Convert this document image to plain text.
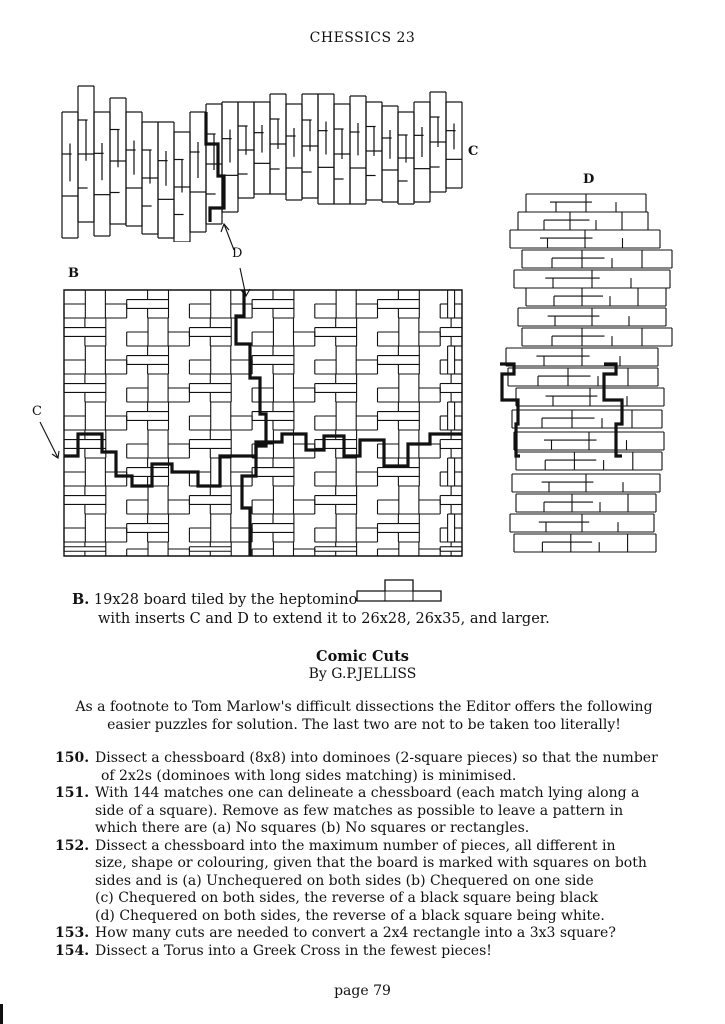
CHESSICS 23
C
D
B
C
D
B. 19x28 board tiled by the heptomino
with inserts C and D to extend it to 26x28, 26x35, and larger.
Comic Cuts
By G.P.JELLISS
As a footnote to Tom Marlow's difficult dissections the Editor offers the following easier puzzles for solution. The last two are not to be taken too literally!
150. Dissect a chessboard (8x8) into dominoes (2-square pieces) so that the number
of 2x2s (dominoes with long sides matching) is minimised.
151. With 144 matches one can delineate a chessboard (each match lying along a
side of a square). Remove as few matches as possible to leave a pattern in
which there are (a) No squares (b) No squares or rectangles.
152. Dissect a chessboard into the maximum number of pieces, all different in
size, shape or colouring, given that the board is marked with squares on both
sides and is (a) Unchequered on both sides (b) Chequered on one side
(c) Chequered on both sides, the reverse of a black square being black
(d) Chequered on both sides, the reverse of a black square being white.
153. How many cuts are needed to convert a 2x4 rectangle into a 3x3 square?
154. Dissect a Torus into a Greek Cross in the fewest pieces!
page 79
